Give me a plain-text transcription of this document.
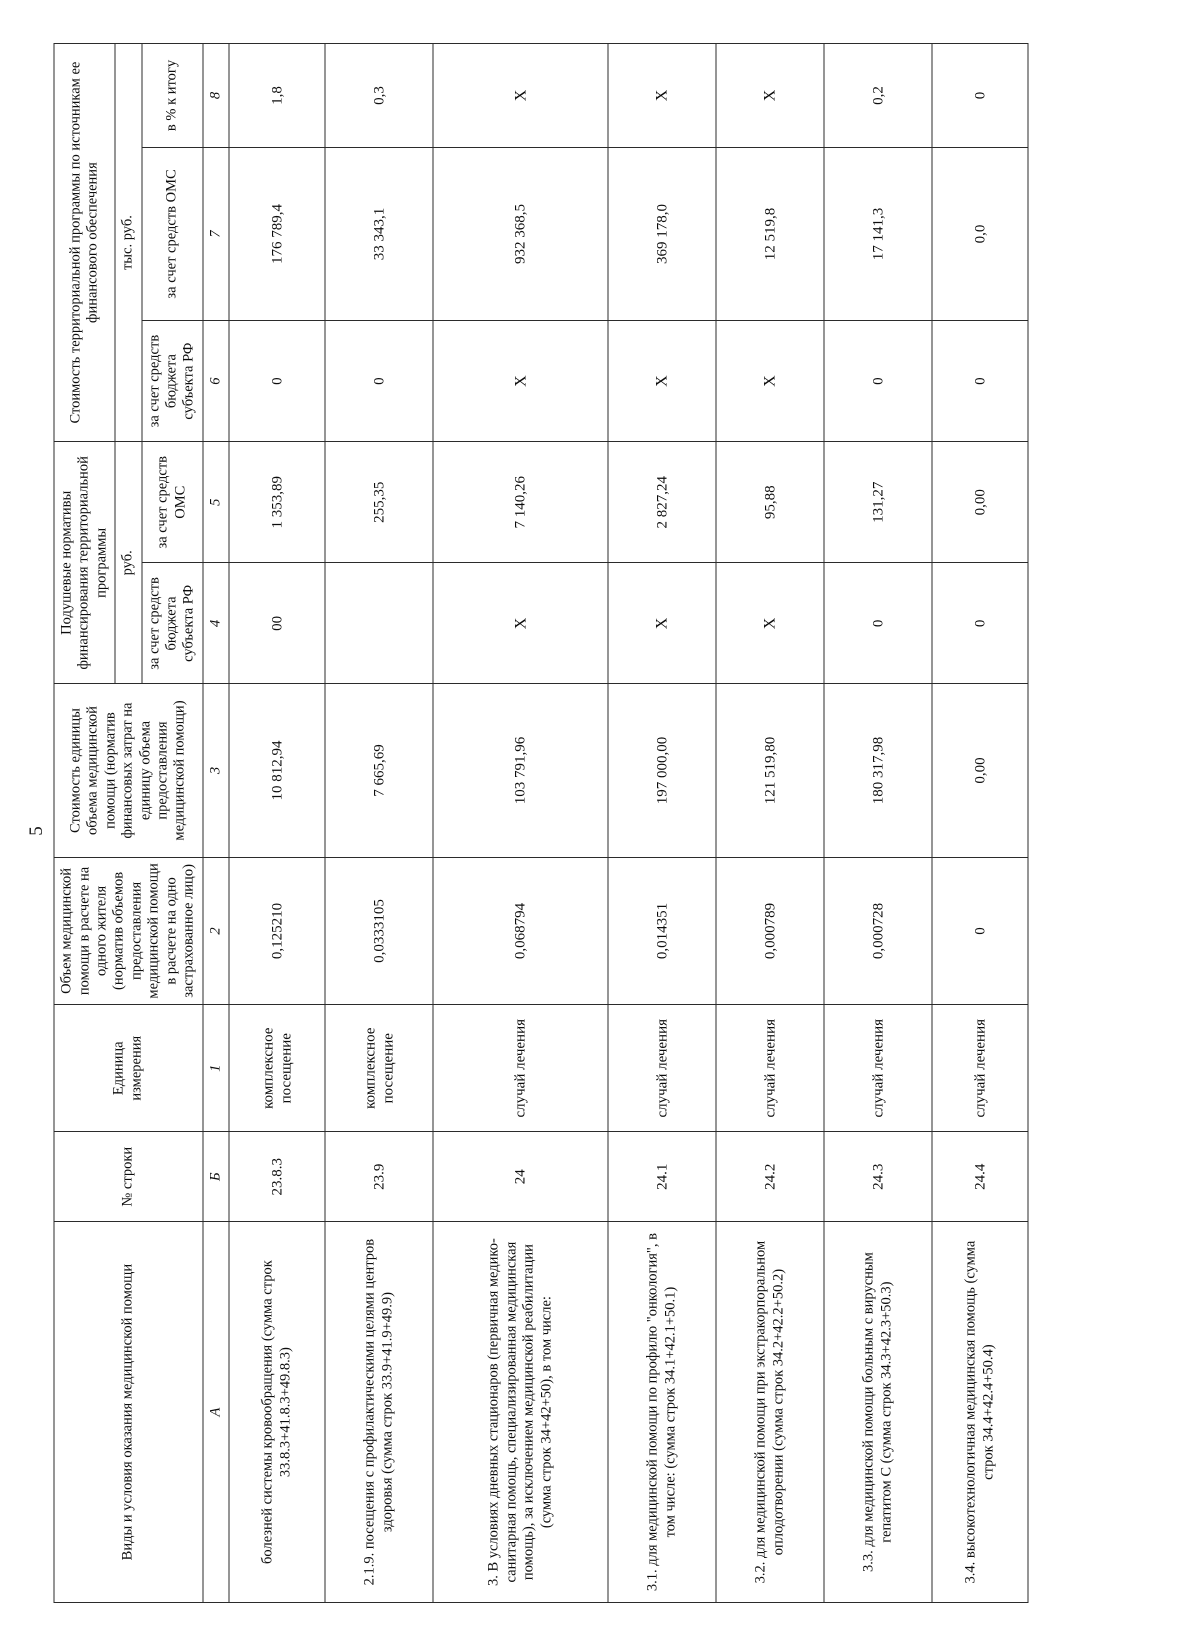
5
Виды и условия оказания медицинской помощи	№ строки	Единица измерения	Объем медицинской помощи в расчете на одного жителя (норматив объемов предоставления медицинской помощи в расчете на одно застрахованное лицо)	Стоимость единицы объема медицинской помощи (норматив финансовых затрат на единицу объема предоставления медицинской помощи)	Подушевые нормативы финансирования территориальной программы		Стоимость территориальной программы по источникам ее финансового обеспечения		
					руб.		тыс. руб.		
					за счет средств бюджета субъекта РФ	за счет средств ОМС	за счет средств бюджета субъекта РФ	за счет средств ОМС	в % к итогу
А	Б	1	2	3	4	5	6	7	8
болезней системы кровообращения (сумма строк 33.8.3+41.8.3+49.8.3)	23.8.3	комплексное посещение	0,125210	10 812,94	00	1 353,89	0	176 789,4	1,8
2.1.9. посещения с профилактическими целями центров здоровья (сумма строк 33.9+41.9+49.9)	23.9	комплексное посещение	0,0333105	7 665,69		255,35	0	33 343,1	0,3
3. В условиях дневных стационаров (первичная медико-санитарная помощь, специализированная медицинская помощь), за исключением медицинской реабилитации (сумма строк 34+42+50), в том числе:	24	случай лечения	0,068794	103 791,96	X	7 140,26	X	932 368,5	X
3.1. для медицинской помощи по профилю "онкология", в том числе: (сумма строк 34.1+42.1+50.1)	24.1	случай лечения	0,014351	197 000,00	X	2 827,24	X	369 178,0	X
3.2. для медицинской помощи при экстракорпоральном оплодотворении (сумма строк 34.2+42.2+50.2)	24.2	случай лечения	0,000789	121 519,80	X	95,88	X	12 519,8	X
3.3. для медицинской помощи больным с вирусным гепатитом С (сумма строк 34.3+42.3+50.3)	24.3	случай лечения	0,000728	180 317,98	0	131,27	0	17 141,3	0,2
3.4. высокотехнологичная медицинская помощь (сумма строк 34.4+42.4+50.4)	24.4	случай лечения	0	0,00	0	0,00	0	0,0	0
